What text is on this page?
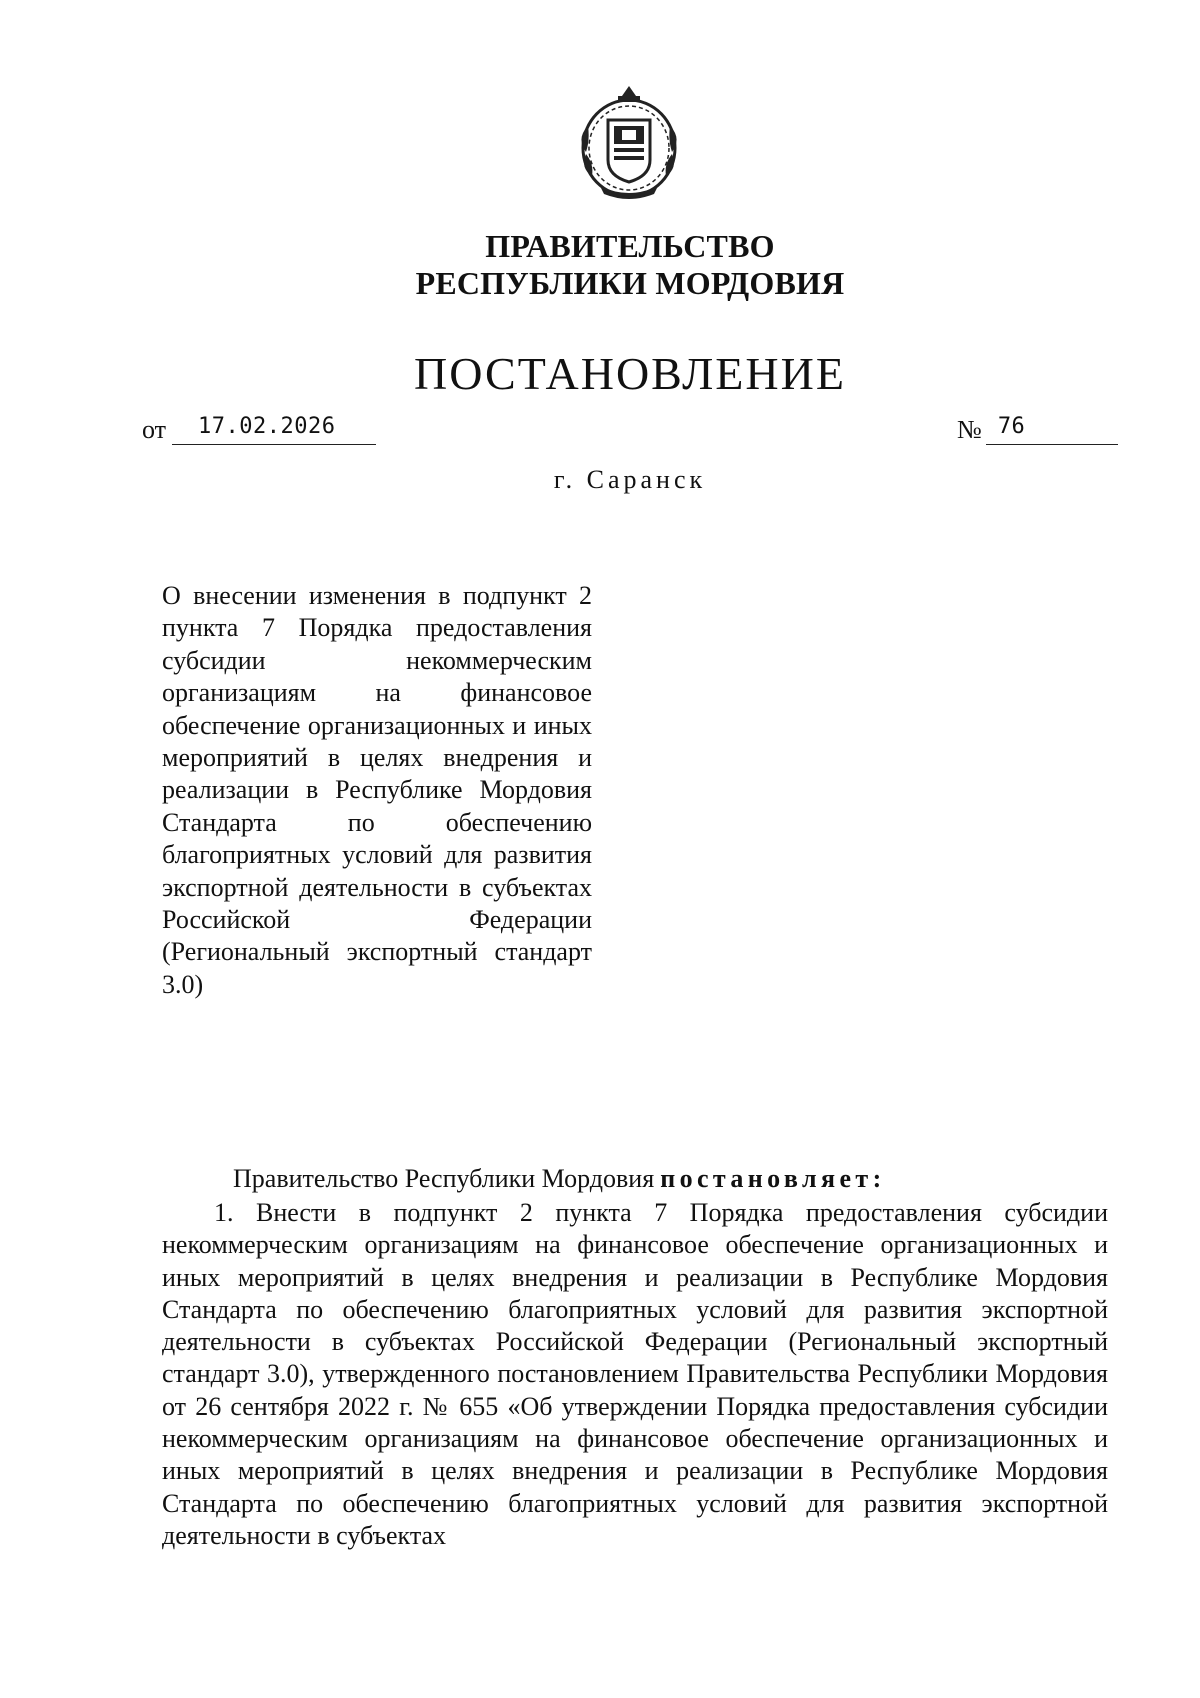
ПРАВИТЕЛЬСТВО
РЕСПУБЛИКИ МОРДОВИЯ
ПОСТАНОВЛЕНИЕ
от 17.02.2026	№ 76
г. Саранск
О внесении изменения в подпункт 2 пункта 7 Порядка предоставления субсидии некоммерческим организациям на финансовое обеспечение организационных и иных мероприятий в целях внедрения и реализации в Республике Мордовия Стандарта по обеспечению благоприятных условий для развития экспортной деятельности в субъектах Российской Федерации (Региональный экспортный стандарт 3.0)
Правительство Республики Мордовия постановляет:

1. Внести в подпункт 2 пункта 7 Порядка предоставления субсидии некоммерческим организациям на финансовое обеспечение организационных и иных мероприятий в целях внедрения и реализации в Республике Мордовия Стандарта по обеспечению благоприятных условий для развития экспортной деятельности в субъектах Российской Федерации (Региональный экспортный стандарт 3.0), утвержденного постановлением Правительства Республики Мордовия от 26 сентября 2022 г. № 655 «Об утверждении Порядка предоставления субсидии некоммерческим организациям на финансовое обеспечение организационных и иных мероприятий в целях внедрения и реализации в Республике Мордовия Стандарта по обеспечению благоприятных условий для развития экспортной деятельности в субъектах
